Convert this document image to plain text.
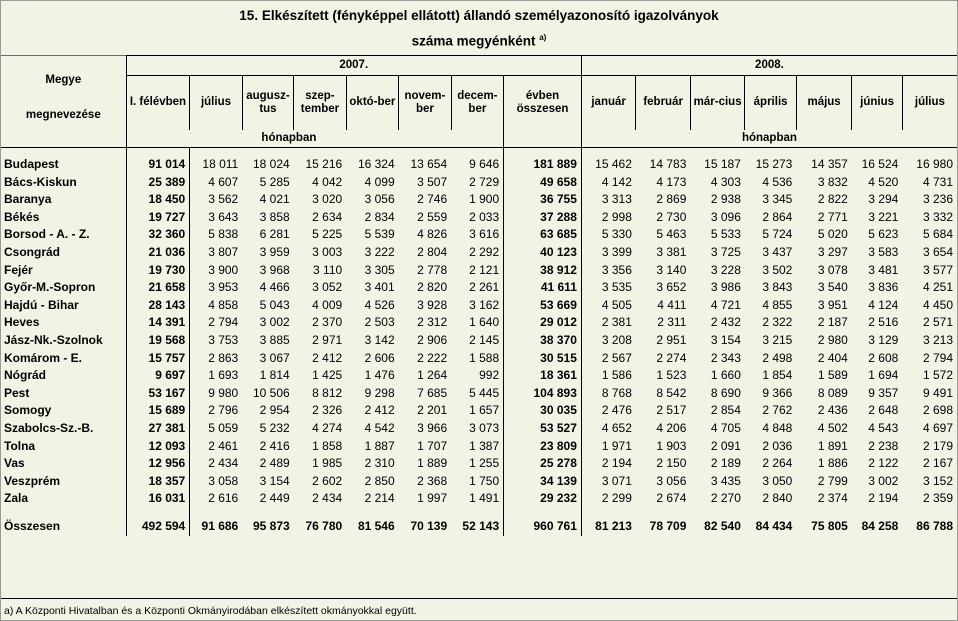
15. Elkészített (fényképpel ellátott) állandó személyazonosító igazolványok
száma megyénként $^{a)}$
Megye
megnevezése	2007.								2008.						
	I. félévben	július	augusz-tus	szep-tember	októ-ber	novem-ber	decem-ber	évben összesen	január	február	már-cius	április	május	június	július
	hónapban								hónapban						

Budapest	91 014	18 011	18 024	15 216	16 324	13 654	9 646	181 889	15 462	14 783	15 187	15 273	14 357	16 524	16 980
Bács-Kiskun	25 389	4 607	5 285	4 042	4 099	3 507	2 729	49 658	4 142	4 173	4 303	4 536	3 832	4 520	4 731
Baranya	18 450	3 562	4 021	3 020	3 056	2 746	1 900	36 755	3 313	2 869	2 938	3 345	2 822	3 294	3 236
Békés	19 727	3 643	3 858	2 634	2 834	2 559	2 033	37 288	2 998	2 730	3 096	2 864	2 771	3 221	3 332
Borsod - A. - Z.	32 360	5 838	6 281	5 225	5 539	4 826	3 616	63 685	5 330	5 463	5 533	5 724	5 020	5 623	5 684
Csongrád	21 036	3 807	3 959	3 003	3 222	2 804	2 292	40 123	3 399	3 381	3 725	3 437	3 297	3 583	3 654
Fejér	19 730	3 900	3 968	3 110	3 305	2 778	2 121	38 912	3 356	3 140	3 228	3 502	3 078	3 481	3 577
Győr-M.-Sopron	21 658	3 953	4 466	3 052	3 401	2 820	2 261	41 611	3 535	3 652	3 986	3 843	3 540	3 836	4 251
Hajdú - Bihar	28 143	4 858	5 043	4 009	4 526	3 928	3 162	53 669	4 505	4 411	4 721	4 855	3 951	4 124	4 450
Heves	14 391	2 794	3 002	2 370	2 503	2 312	1 640	29 012	2 381	2 311	2 432	2 322	2 187	2 516	2 571
Jász-Nk.-Szolnok	19 568	3 753	3 885	2 971	3 142	2 906	2 145	38 370	3 208	2 951	3 154	3 215	2 980	3 129	3 213
Komárom - E.	15 757	2 863	3 067	2 412	2 606	2 222	1 588	30 515	2 567	2 274	2 343	2 498	2 404	2 608	2 794
Nógrád	9 697	1 693	1 814	1 425	1 476	1 264	992	18 361	1 586	1 523	1 660	1 854	1 589	1 694	1 572
Pest	53 167	9 980	10 506	8 812	9 298	7 685	5 445	104 893	8 768	8 542	8 690	9 366	8 089	9 357	9 491
Somogy	15 689	2 796	2 954	2 326	2 412	2 201	1 657	30 035	2 476	2 517	2 854	2 762	2 436	2 648	2 698
Szabolcs-Sz.-B.	27 381	5 059	5 232	4 274	4 542	3 966	3 073	53 527	4 652	4 206	4 705	4 848	4 502	4 543	4 697
Tolna	12 093	2 461	2 416	1 858	1 887	1 707	1 387	23 809	1 971	1 903	2 091	2 036	1 891	2 238	2 179
Vas	12 956	2 434	2 489	1 985	2 310	1 889	1 255	25 278	2 194	2 150	2 189	2 264	1 886	2 122	2 167
Veszprém	18 357	3 058	3 154	2 602	2 850	2 368	1 750	34 139	3 071	3 056	3 435	3 050	2 799	3 002	3 152
Zala	16 031	2 616	2 449	2 434	2 214	1 997	1 491	29 232	2 299	2 674	2 270	2 840	2 374	2 194	2 359

Összesen	492 594	91 686	95 873	76 780	81 546	70 139	52 143	960 761	81 213	78 709	82 540	84 434	75 805	84 258	86 788
a) A Központi Hivatalban és a Központi Okmányirodában elkészített okmányokkal együtt.
